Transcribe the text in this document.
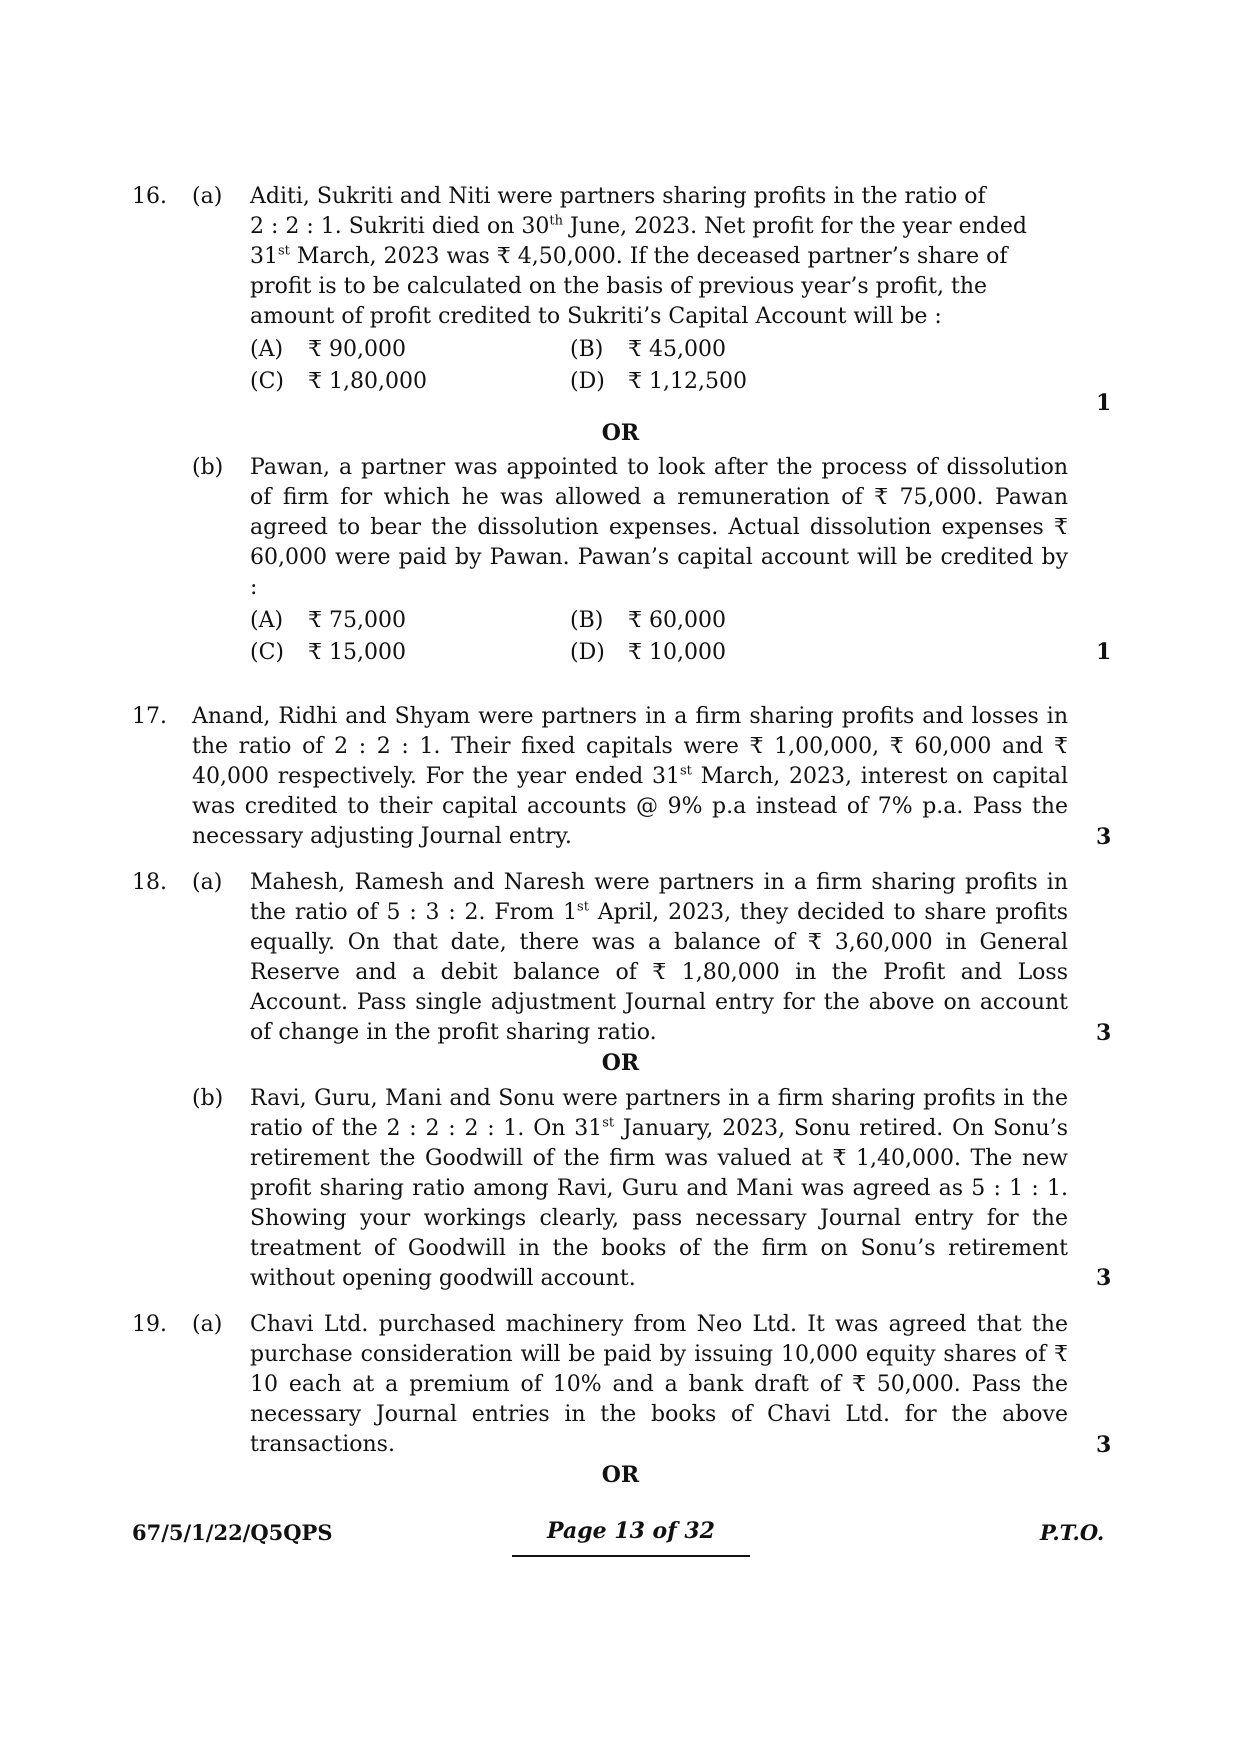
16. (a) Aditi, Sukriti and Niti were partners sharing profits in the ratio of
2 : 2 : 1. Sukriti died on 30th June, 2023. Net profit for the year ended
31st March, 2023 was ₹ 4,50,000. If the deceased partner’s share of
profit is to be calculated on the basis of previous year’s profit, the
amount of profit credited to Sukriti’s Capital Account will be :
(A) ₹ 90,000	(B) ₹ 45,000
(C) ₹ 1,80,000	(D) ₹ 1,12,500
1
OR
(b) Pawan, a partner was appointed to look after the process of dissolution of firm for which he was allowed a remuneration of ₹ 75,000. Pawan agreed to bear the dissolution expenses. Actual dissolution expenses ₹ 60,000 were paid by Pawan. Pawan’s capital account will be credited by :
(A) ₹ 75,000	(B) ₹ 60,000
(C) ₹ 15,000	(D) ₹ 10,000	1
17. Anand, Ridhi and Shyam were partners in a firm sharing profits and losses in the ratio of 2 : 2 : 1. Their fixed capitals were ₹ 1,00,000, ₹ 60,000 and ₹ 40,000 respectively. For the year ended 31st March, 2023, interest on capital was credited to their capital accounts @ 9% p.a instead of 7% p.a. Pass the necessary adjusting Journal entry.	3
18. (a) Mahesh, Ramesh and Naresh were partners in a firm sharing profits in the ratio of 5 : 3 : 2. From 1st April, 2023, they decided to share profits equally. On that date, there was a balance of ₹ 3,60,000 in General Reserve and a debit balance of ₹ 1,80,000 in the Profit and Loss Account. Pass single adjustment Journal entry for the above on account of change in the profit sharing ratio.	3
OR
(b) Ravi, Guru, Mani and Sonu were partners in a firm sharing profits in the ratio of the 2 : 2 : 2 : 1. On 31st January, 2023, Sonu retired. On Sonu’s retirement the Goodwill of the firm was valued at ₹ 1,40,000. The new profit sharing ratio among Ravi, Guru and Mani was agreed as 5 : 1 : 1. Showing your workings clearly, pass necessary Journal entry for the treatment of Goodwill in the books of the firm on Sonu’s retirement without opening goodwill account.	3
19. (a) Chavi Ltd. purchased machinery from Neo Ltd. It was agreed that the purchase consideration will be paid by issuing 10,000 equity shares of ₹ 10 each at a premium of 10% and a bank draft of ₹ 50,000. Pass the necessary Journal entries in the books of Chavi Ltd. for the above transactions.	3
OR
67/5/1/22/Q5QPS	Page 13 of 32	P.T.O.
